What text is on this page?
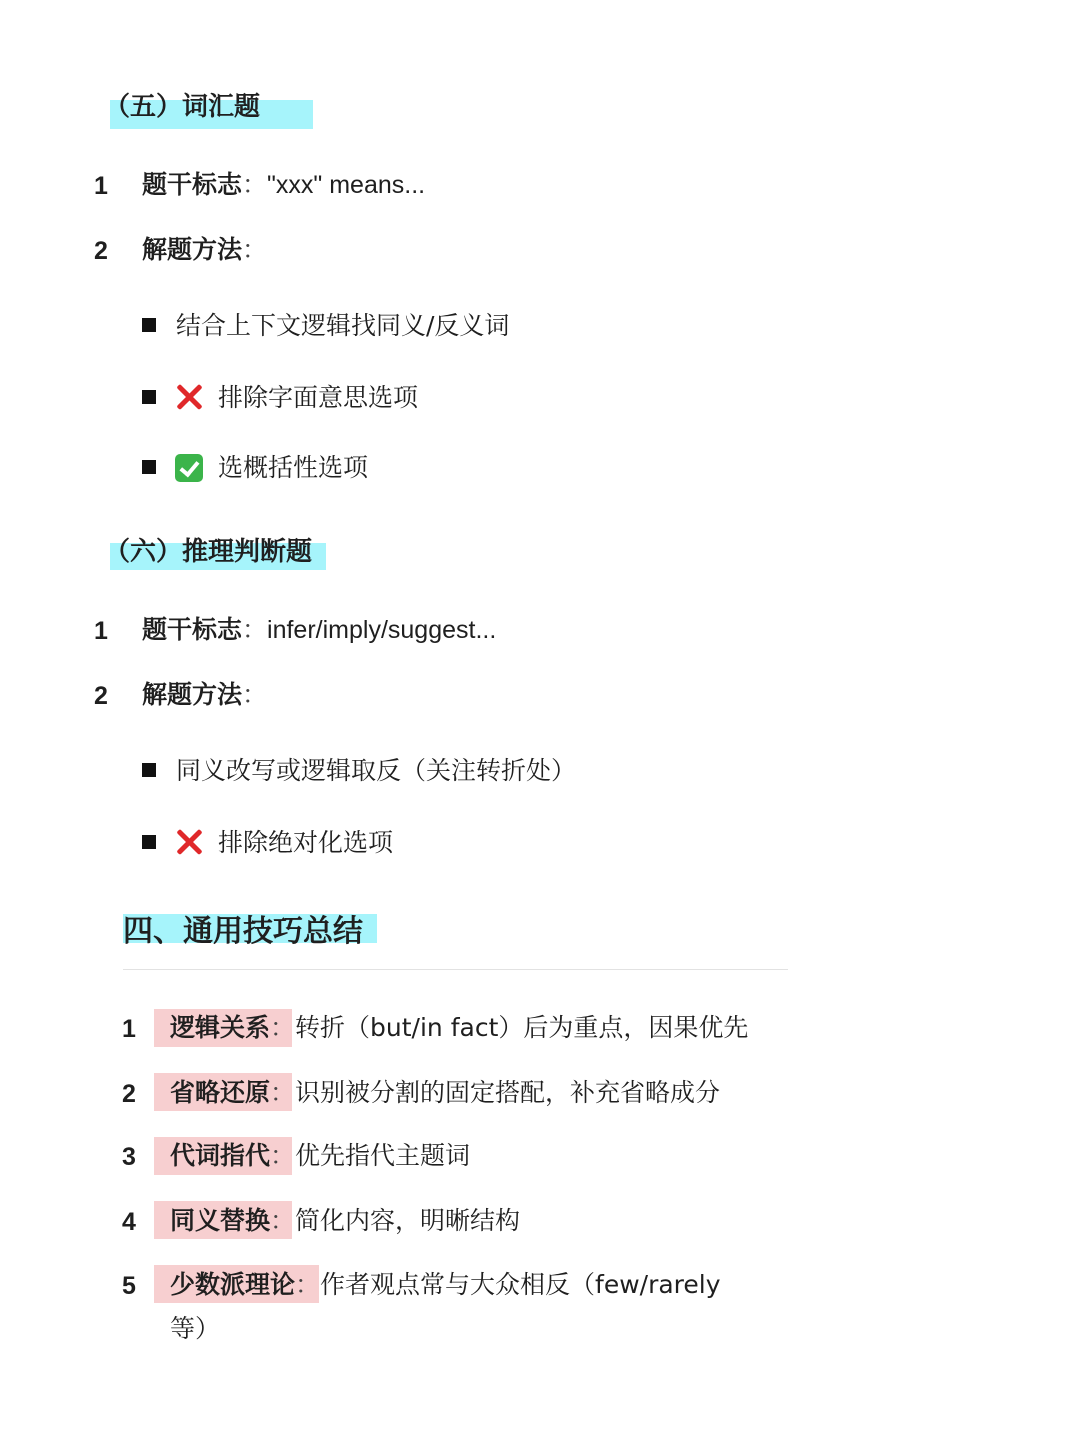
（五）词汇题
1	题干标志："xxx" means...
2	解题方法：
结合上下文逻辑找同义/反义词
排除字面意思选项
选概括性选项
（六）推理判断题
1	题干标志：infer/imply/suggest...
2	解题方法：
同义改写或逻辑取反（关注转折处）
排除绝对化选项
四、通用技巧总结
1	逻辑关系：转折（but/in fact）后为重点，因果优先
2	省略还原：识别被分割的固定搭配，补充省略成分
3	代词指代：优先指代主题词
4	同义替换：简化内容，明晰结构
5	少数派理论：作者观点常与大众相反（few/rarely
等）
